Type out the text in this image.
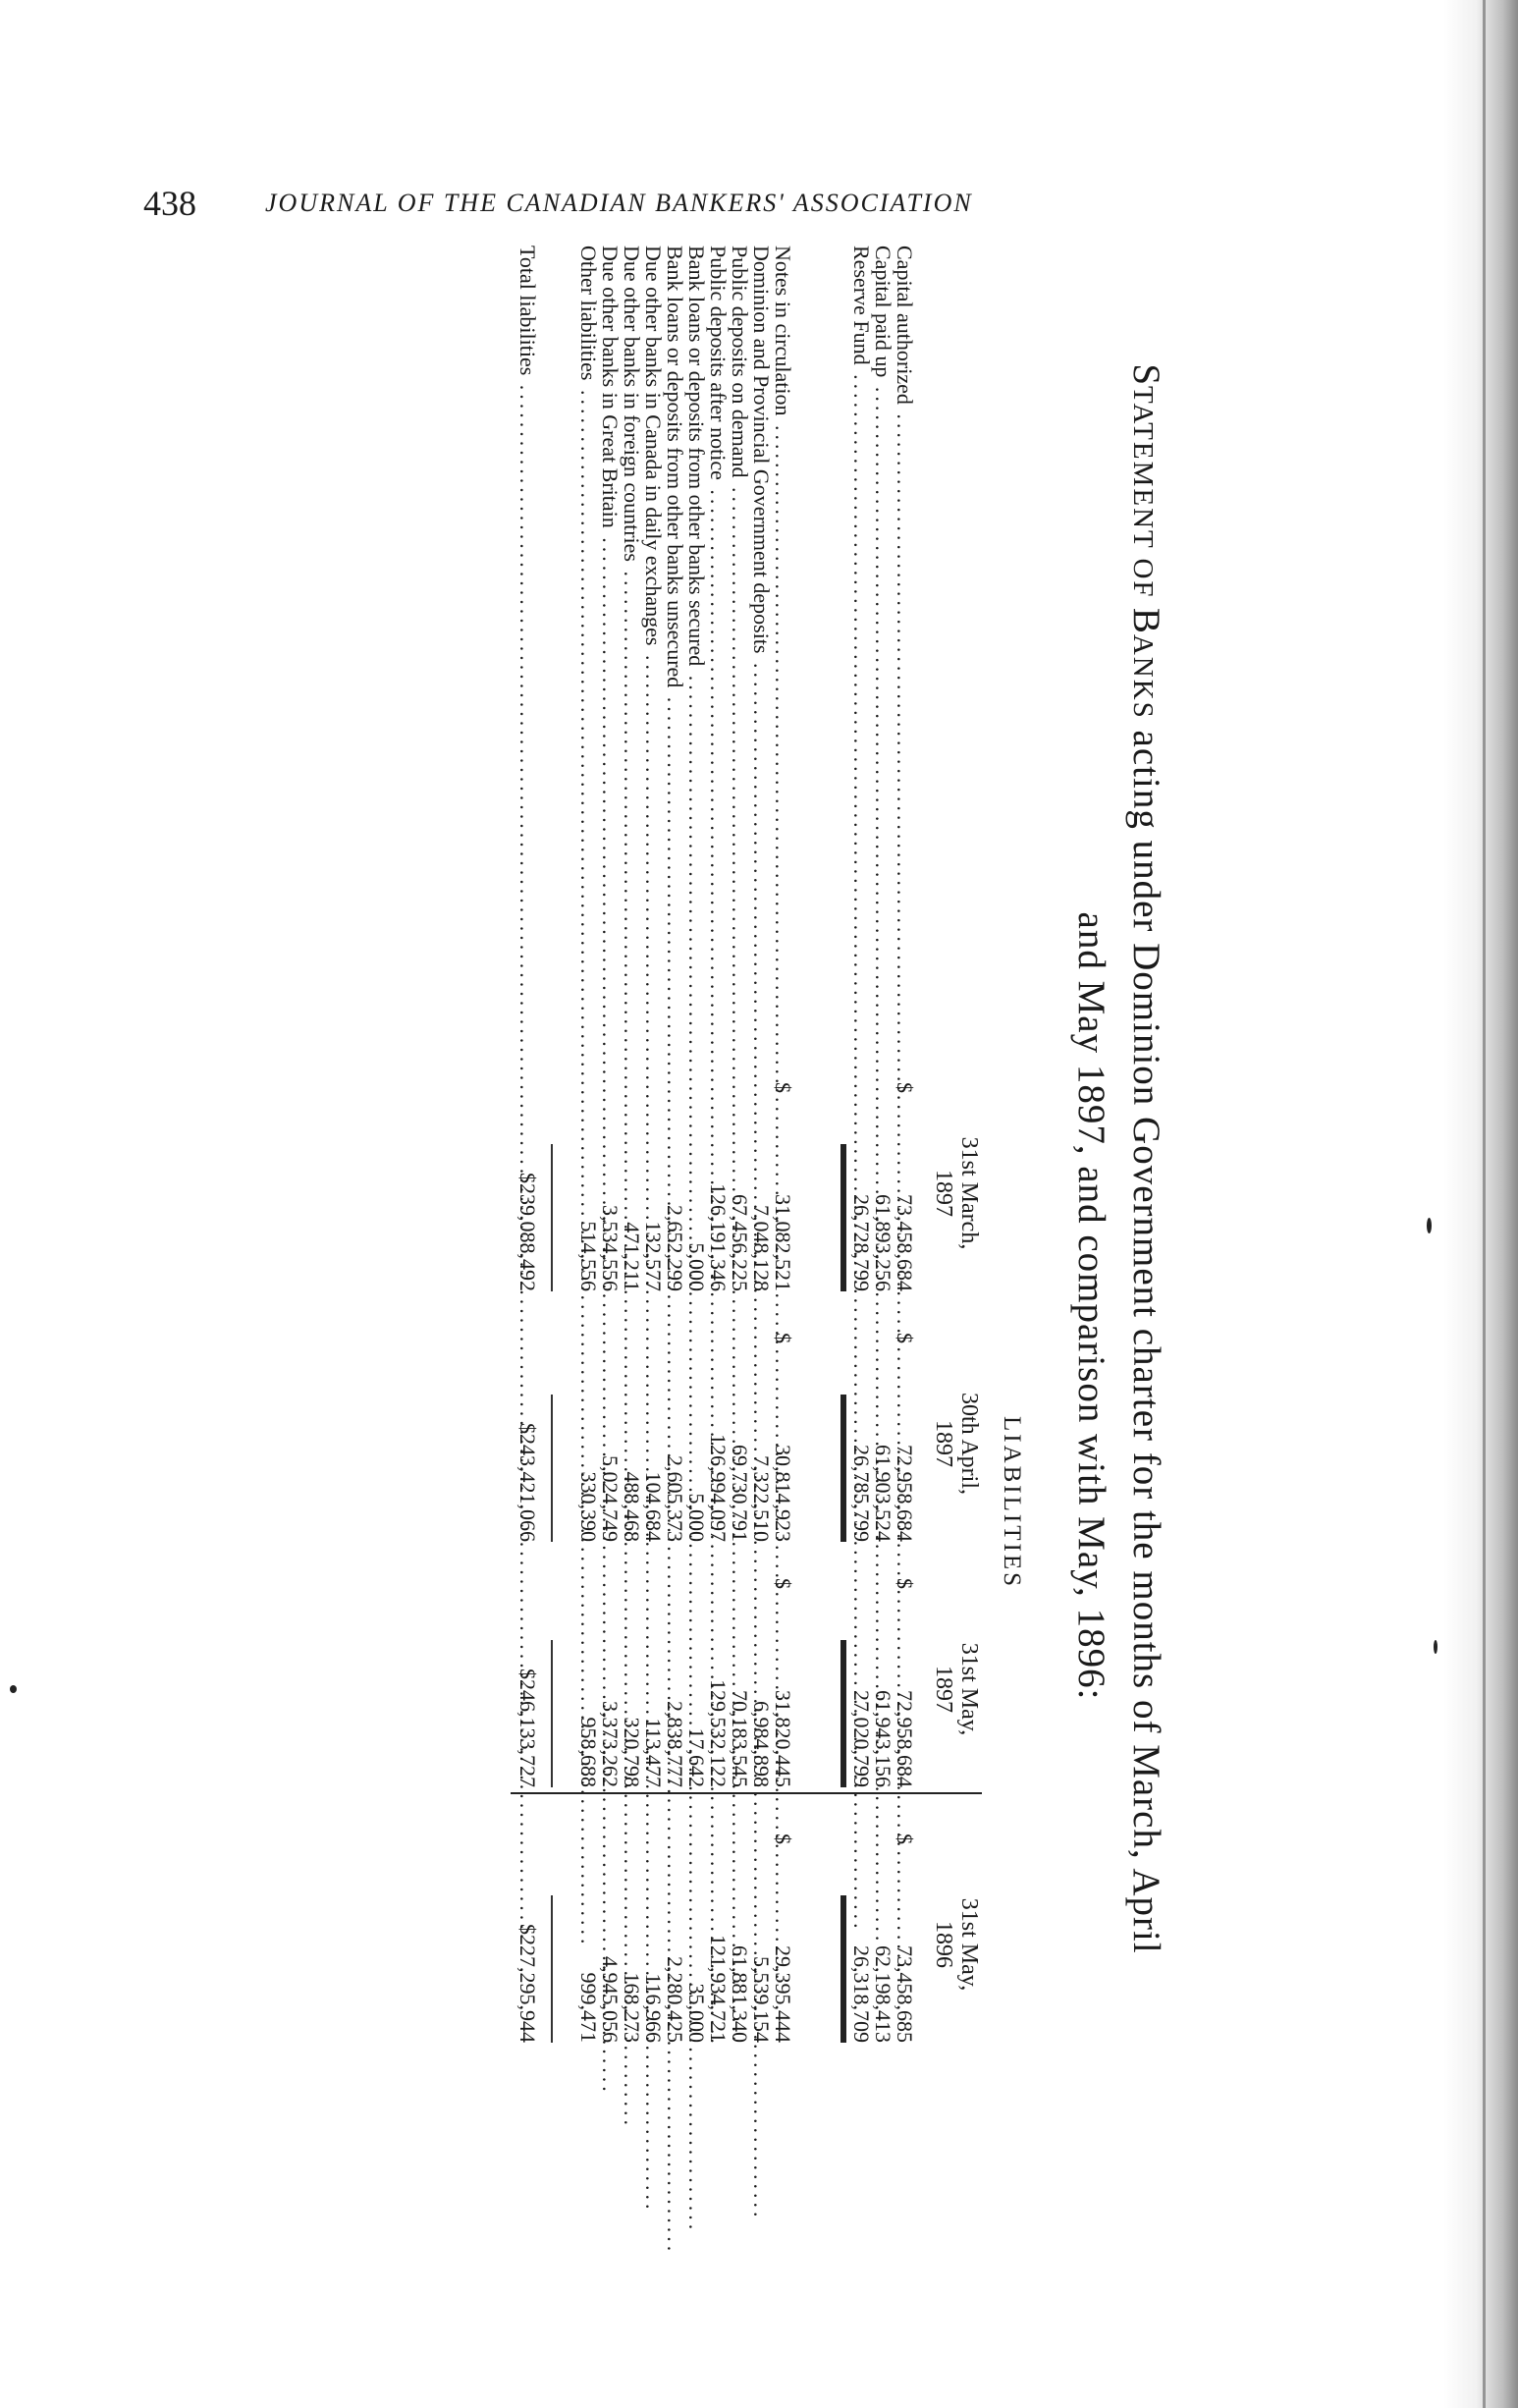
438	JOURNAL OF THE CANADIAN BANKERS' ASSOCIATION
STATEMENT OF BANKS acting under Dominion Government charter for the months of March, April
and May 1897, and comparison with May, 1896:
LIABILITIES
31st March,
1897
30th April,
1897
31st May,
1897
31st May,
1896
Capital authorized .....
73,458,684
$
72,958,684
$
72,958,684
$
73,458,685
$
Capital paid up .....
61,893,256
61,903,524
61,943,156
62,198,413
Reserve Fund .....
26,728,799
26,785,799
27,020,799
26,318,709
Notes in circulation .....
31,082,521
$
30,814,923
$
31,820,445
$
29,395,444
$
Dominion and Provincial Government deposits .....
7,048,128
7,322,510
6,984,898
5,539,154
Public deposits on demand .....
67,456,225
69,730,791
70,183,545
61,881,340
Public deposits after notice .....
126,191,346
126,994,097
129,532,122
121,934,721
Bank loans or deposits from other banks secured .....
5,000
5,000
17,642
35,000
Bank loans or deposits from other banks unsecured .....
2,652,299
2,605,373
2,838,777
2,280,425
Due other banks in Canada in daily exchanges .....
132,577
104,684
113,477
116,966
Due other banks in foreign countries .....
471,211
488,468
320,798
168,273
Due other banks in Great Britain .....
3,534,556
5,024,749
3,373,262
4,945,056
Other liabilities .....
514,556
330,390
958,688
999,471
Total liabilities .....
$239,088,492
$243,421,066
$246,133,727
$227,295,944
